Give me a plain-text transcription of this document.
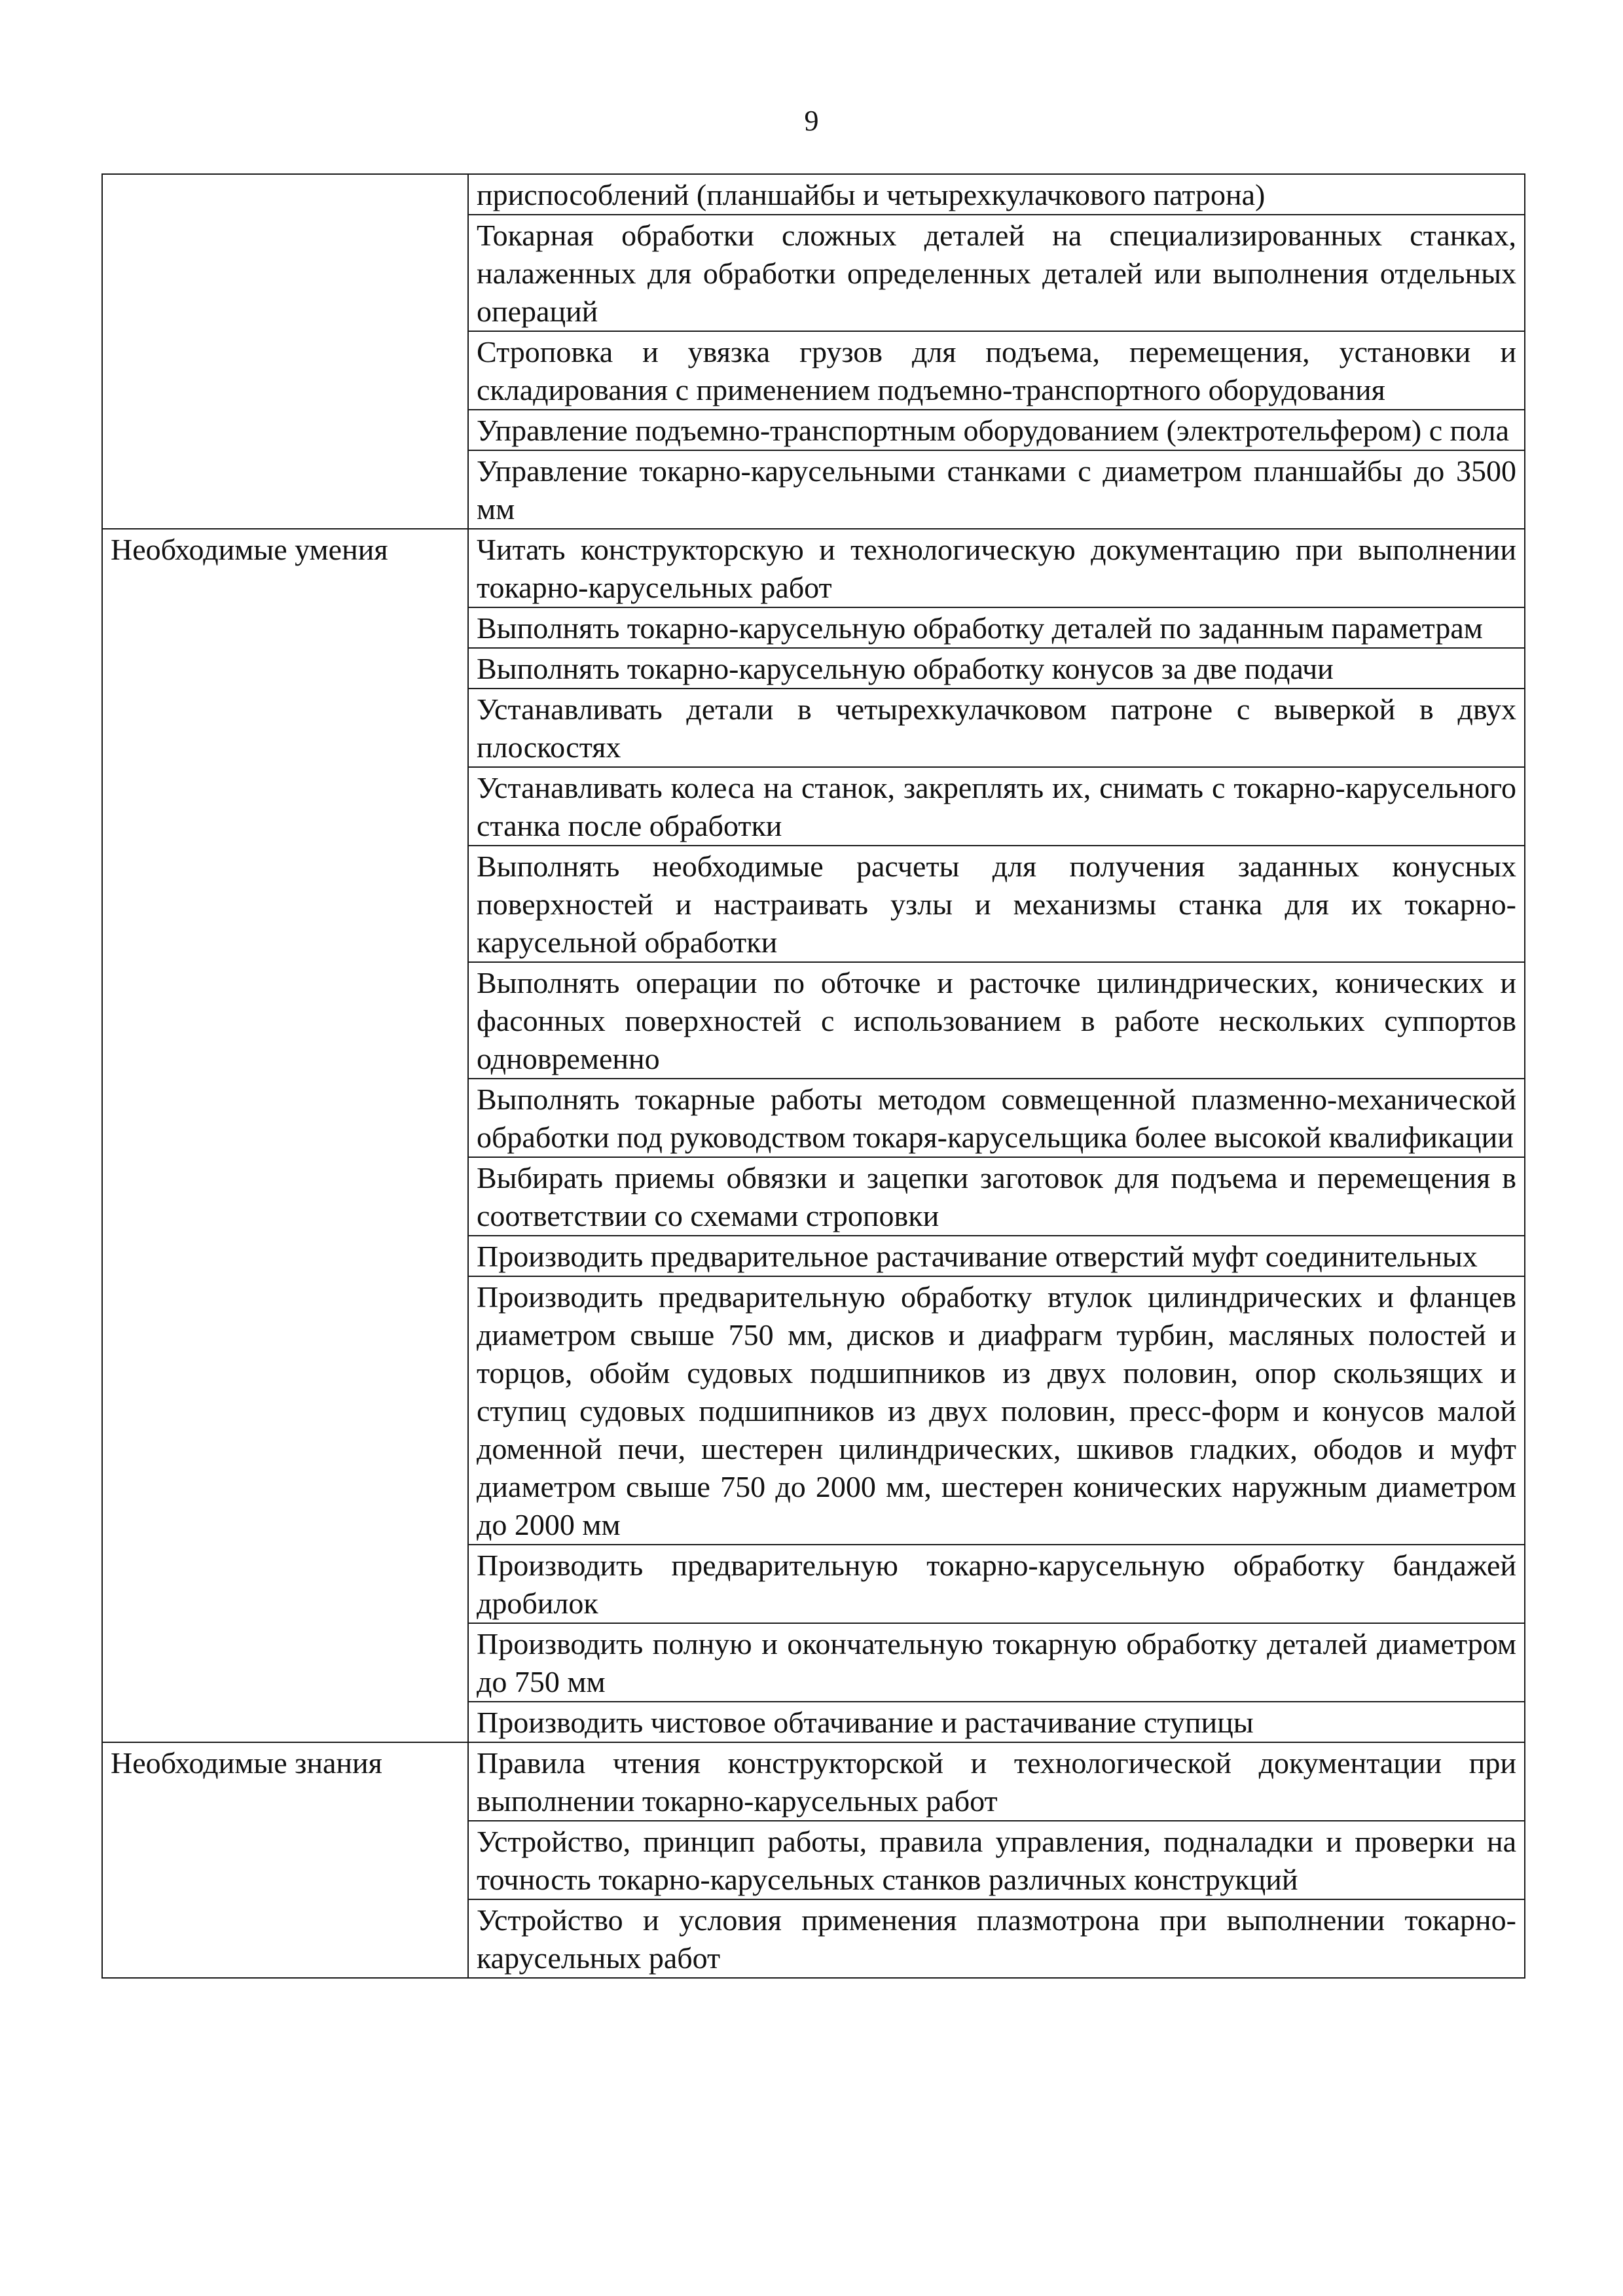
9
	приспособлений (планшайбы и четырехкулачкового патрона)
	Токарная обработки сложных деталей на специализированных станках, налаженных для обработки определенных деталей или выполнения отдельных операций
	Строповка и увязка грузов для подъема, перемещения, установки и складирования с применением подъемно-транспортного оборудования
	Управление подъемно-транспортным оборудованием (электротельфером) с пола
	Управление токарно-карусельными станками с диаметром планшайбы до 3500 мм
Необходимые умения	Читать конструкторскую и технологическую документацию при выполнении токарно-карусельных работ
	Выполнять токарно-карусельную обработку деталей по заданным параметрам
	Выполнять токарно-карусельную обработку конусов за две подачи
	Устанавливать детали в четырехкулачковом патроне с выверкой в двух плоскостях
	Устанавливать колеса на станок, закреплять их, снимать с токарно-карусельного станка после обработки
	Выполнять необходимые расчеты для получения заданных конусных поверхностей и настраивать узлы и механизмы станка для их токарно-карусельной обработки
	Выполнять операции по обточке и расточке цилиндрических, конических и фасонных поверхностей с использованием в работе нескольких суппортов одновременно
	Выполнять токарные работы методом совмещенной плазменно-механической обработки под руководством токаря-карусельщика более высокой квалификации
	Выбирать приемы обвязки и зацепки заготовок для подъема и перемещения в соответствии со схемами строповки
	Производить предварительное растачивание отверстий муфт соединительных
	Производить предварительную обработку втулок цилиндрических и фланцев диаметром свыше 750 мм, дисков и диафрагм турбин, масляных полостей и торцов, обойм судовых подшипников из двух половин, опор скользящих и ступиц судовых подшипников из двух половин, пресс-форм и конусов малой доменной печи, шестерен цилиндрических, шкивов гладких, ободов и муфт диаметром свыше 750 до 2000 мм, шестерен конических наружным диаметром до 2000 мм
	Производить предварительную токарно-карусельную обработку бандажей дробилок
	Производить полную и окончательную токарную обработку деталей диаметром до 750 мм
	Производить чистовое обтачивание и растачивание ступицы
Необходимые знания	Правила чтения конструкторской и технологической документации при выполнении токарно-карусельных работ
	Устройство, принцип работы, правила управления, подналадки и проверки на точность токарно-карусельных станков различных конструкций
	Устройство и условия применения плазмотрона при выполнении токарно-карусельных работ
